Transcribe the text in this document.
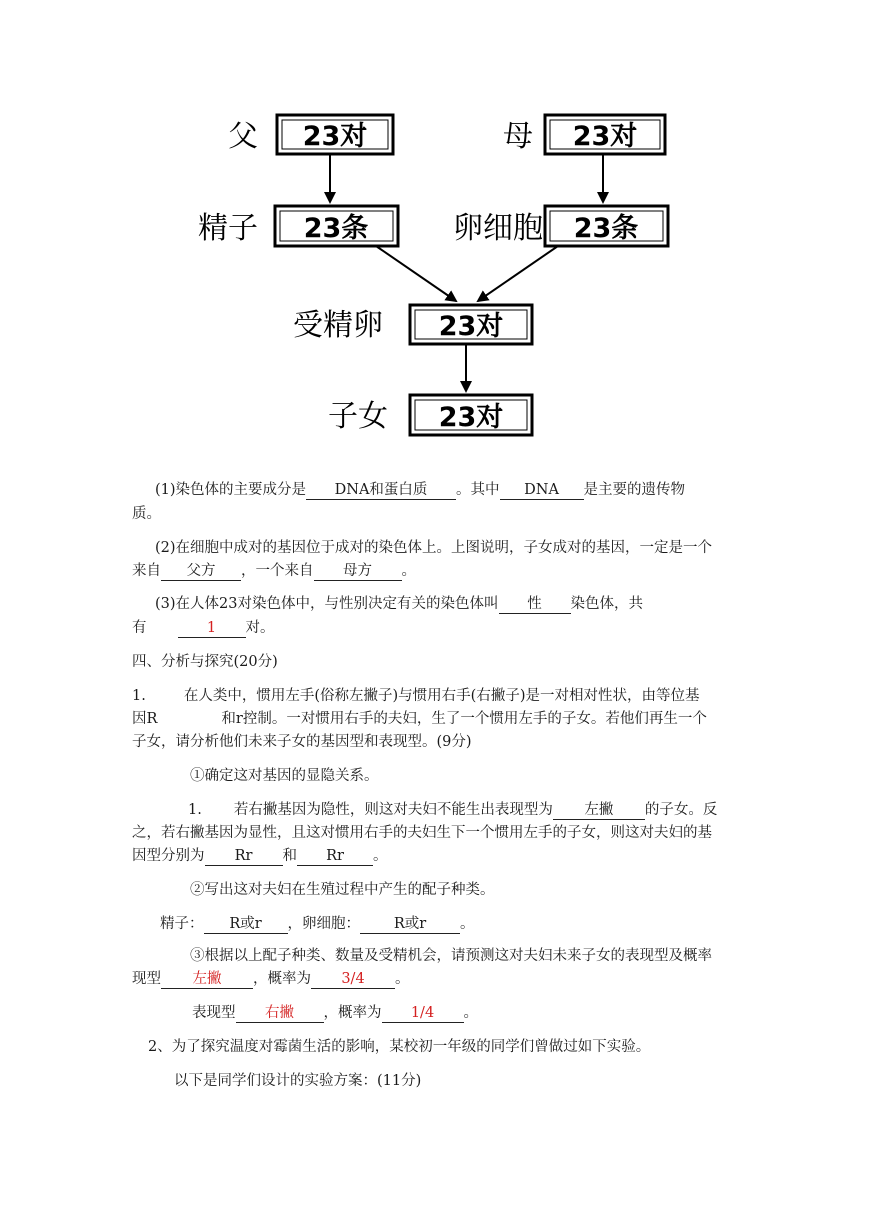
父 23对	母 23对
精子 23条	卵细胞 23条
受精卵 23对
子女 23对
(1)染色体的主要成分是 DNA和蛋白质 。其中 DNA 是主要的遗传物
质。
(2)在细胞中成对的基因位于成对的染色体上。上图说明，子女成对的基因，一定是一个
来自 父方 ，一个来自 母方 。
(3)在人体23对染色体中，与性别决定有关的染色体叫 性 染色体，共
有	1 对。
四、分析与探究(20分)
1.	在人类中，惯用左手(俗称左撇子)与惯用右手(右撇子)是一对相对性状，由等位基
因R	和r控制。一对惯用右手的夫妇，生了一个惯用左手的子女。若他们再生一个
子女，请分析他们未来子女的基因型和表现型。(9分)
①确定这对基因的显隐关系。
1. 若右撇基因为隐性，则这对夫妇不能生出表现型为 左撇 的子女。反
之，若右撇基因为显性，且这对惯用右手的夫妇生下一个惯用左手的子女，则这对夫妇的基
因型分别为 Rr 和 Rr 。
②写出这对夫妇在生殖过程中产生的配子种类。
精子： R或r ，卵细胞： R或r 。
③根据以上配子种类、数量及受精机会，请预测这对夫妇未来子女的表现型及概率
现型 左撇 ，概率为 3/4 。
表现型 右撇 ，概率为 1/4 。
2、为了探究温度对霉菌生活的影响，某校初一年级的同学们曾做过如下实验。
以下是同学们设计的实验方案：(11分)
